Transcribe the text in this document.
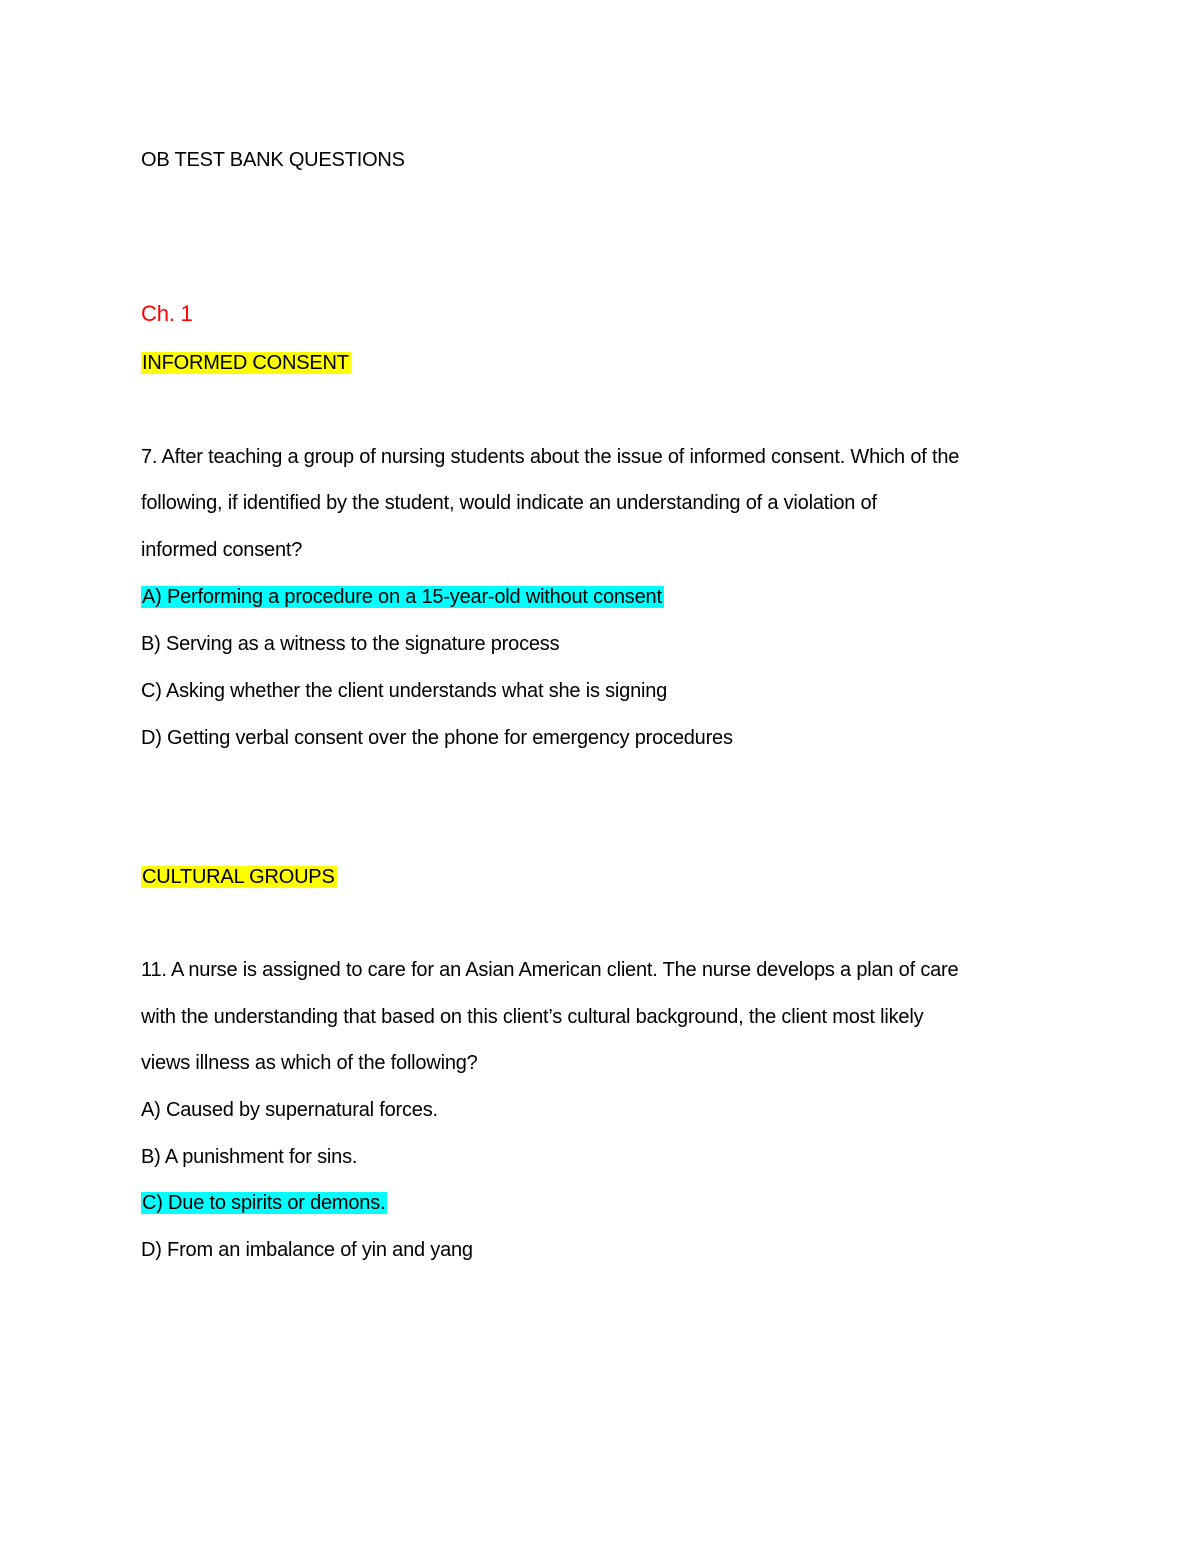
OB TEST BANK QUESTIONS
Ch. 1
INFORMED CONSENT
7. After teaching a group of nursing students about the issue of informed consent. Which of the
following, if identified by the student, would indicate an understanding of a violation of
informed consent?
A) Performing a procedure on a 15-year-old without consent
B) Serving as a witness to the signature process
C) Asking whether the client understands what she is signing
D) Getting verbal consent over the phone for emergency procedures
CULTURAL GROUPS
11. A nurse is assigned to care for an Asian American client. The nurse develops a plan of care
with the understanding that based on this client’s cultural background, the client most likely
views illness as which of the following?
A) Caused by supernatural forces.
B) A punishment for sins.
C) Due to spirits or demons.
D) From an imbalance of yin and yang
